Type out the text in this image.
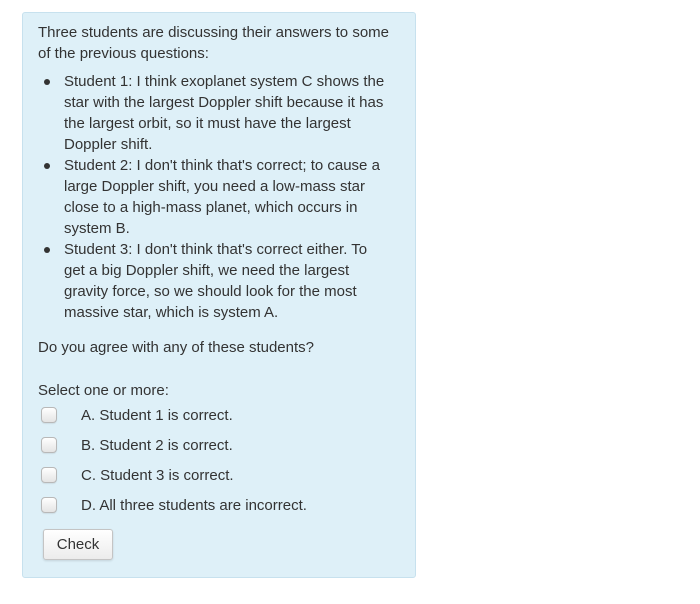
Three students are discussing their answers to some of the previous questions:

Student 1: I think exoplanet system C shows the star with the largest Doppler shift because it has the largest orbit, so it must have the largest Doppler shift.
Student 2: I don't think that's correct; to cause a large Doppler shift, you need a low-mass star close to a high-mass planet, which occurs in system B.
Student 3: I don't think that's correct either. To get a big Doppler shift, we need the largest gravity force, so we should look for the most massive star, which is system A.

Do you agree with any of these students?

Select one or more:

A. Student 1 is correct.
B. Student 2 is correct.
C. Student 3 is correct.
D. All three students are incorrect.
Check
